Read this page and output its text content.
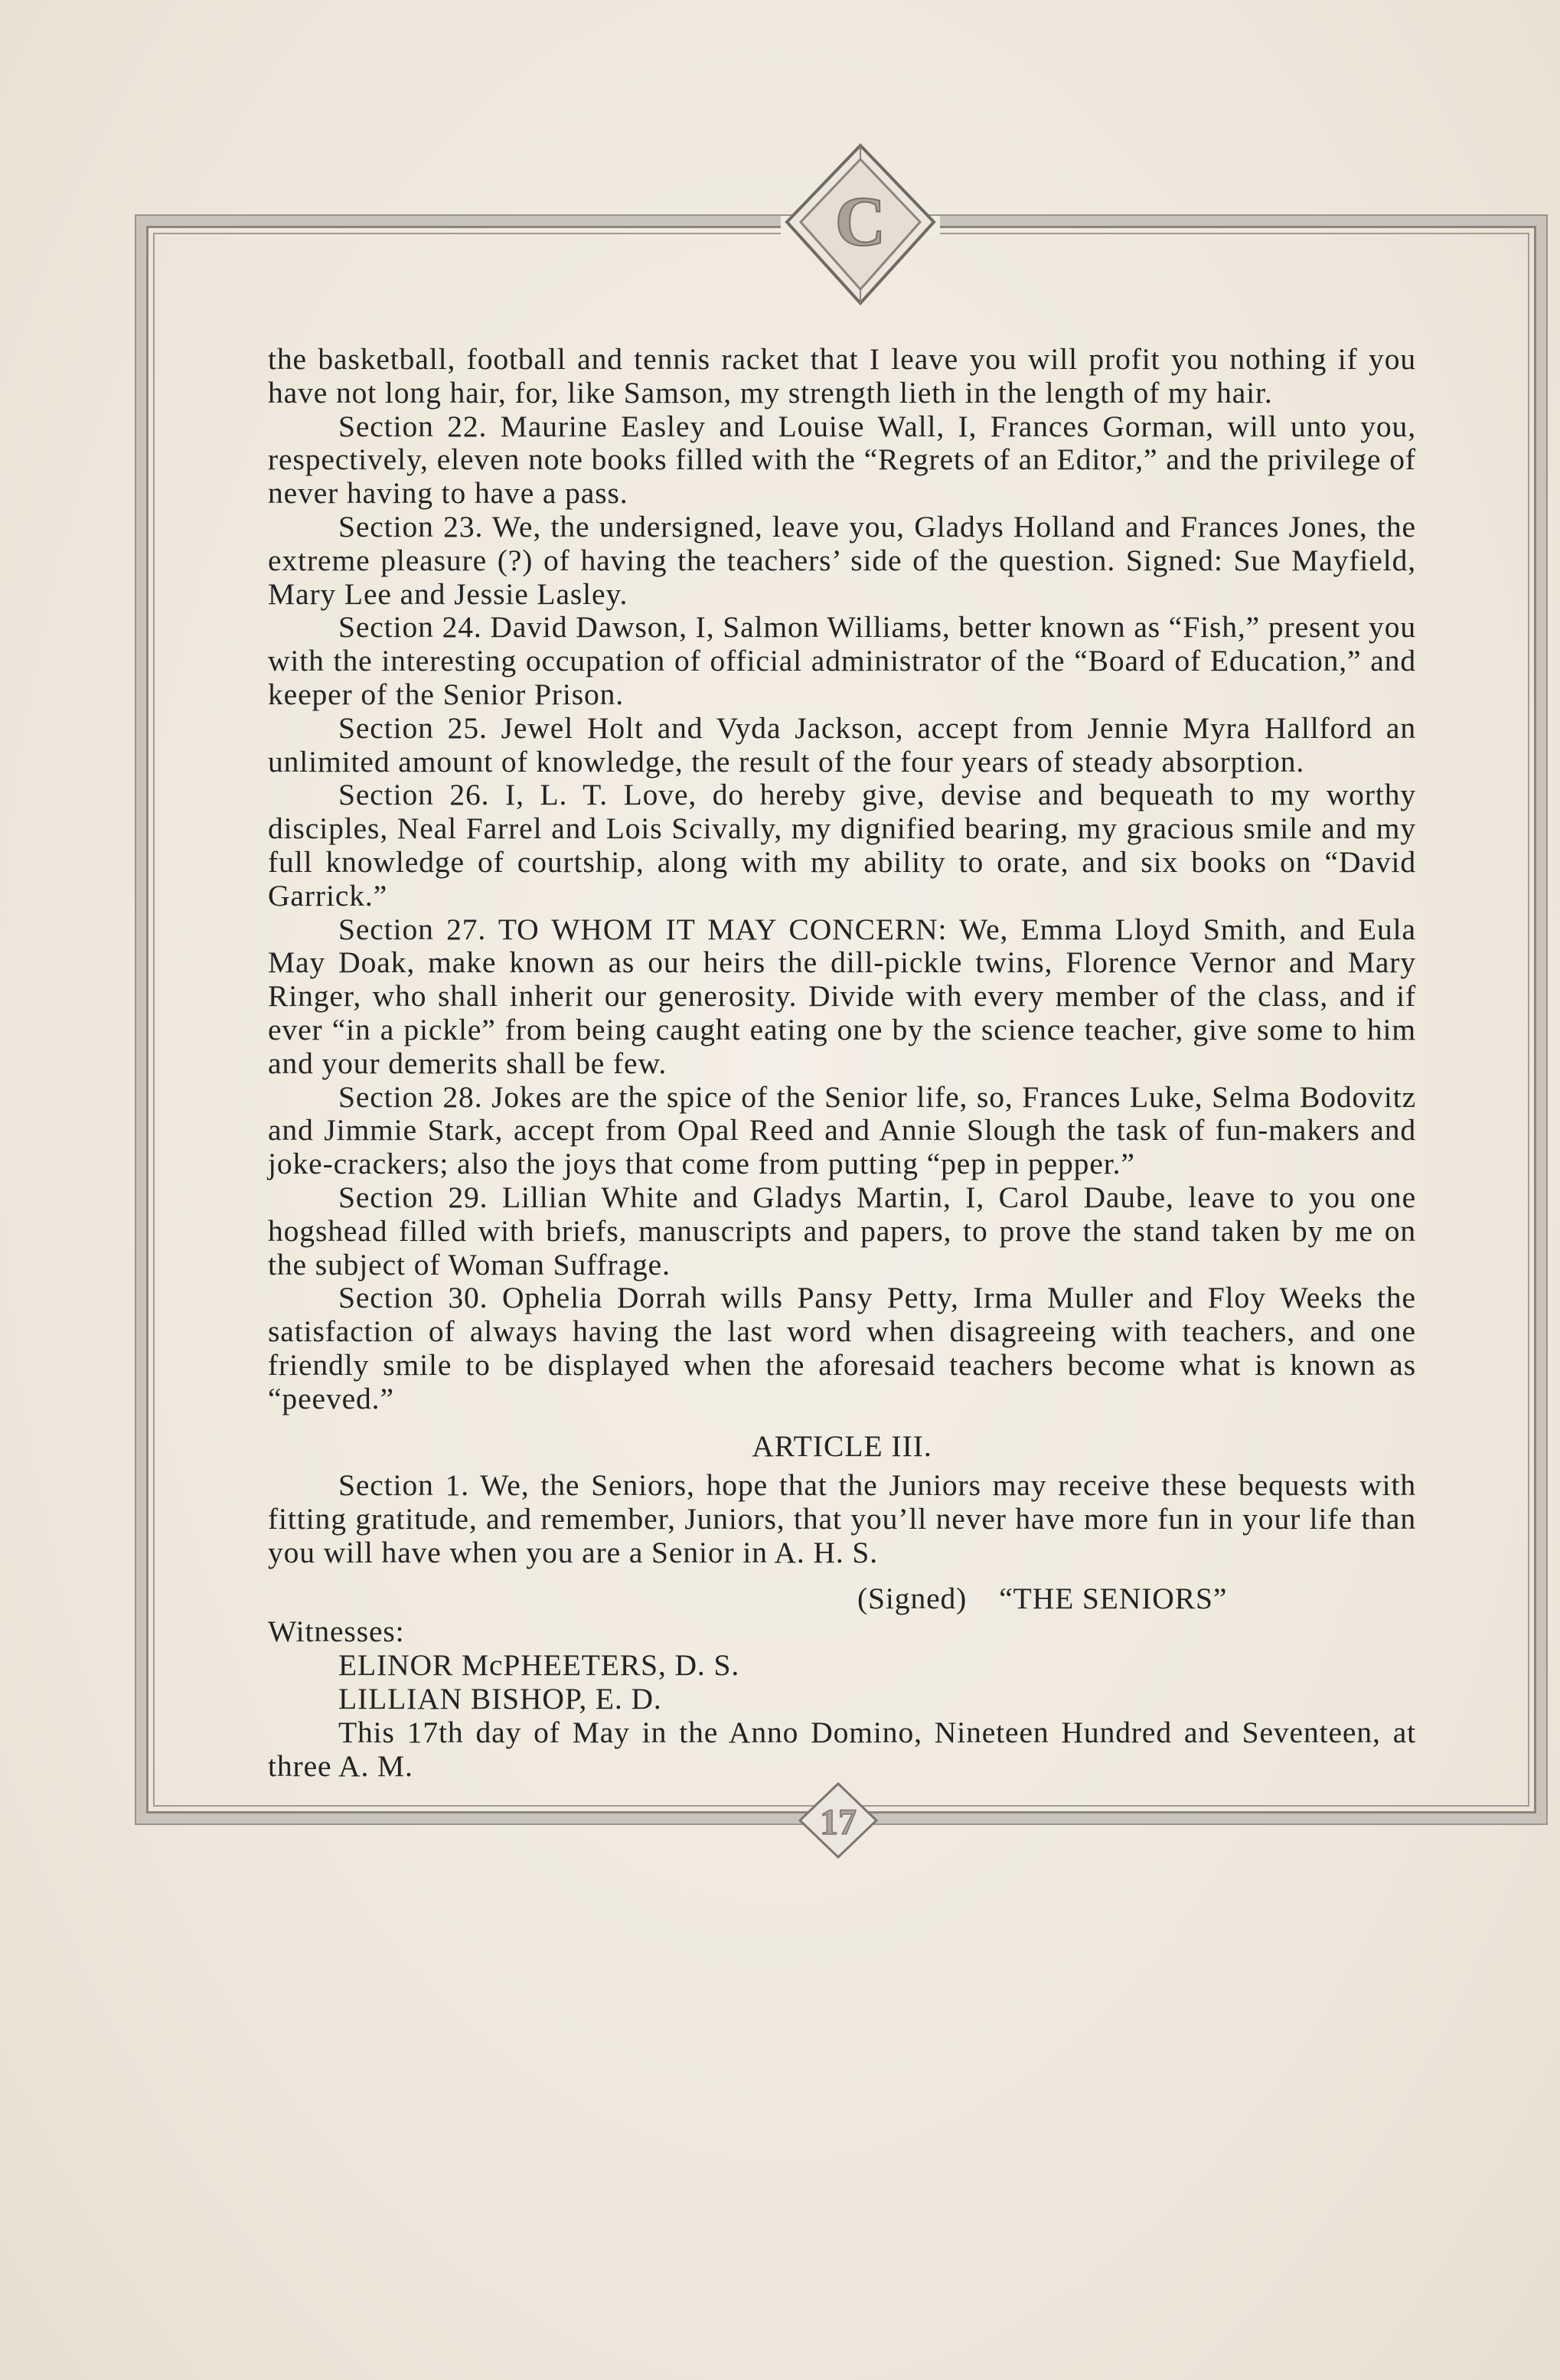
C
17

the basketball, football and tennis racket that I leave you will profit you nothing if you have not long hair, for, like Samson, my strength lieth in the length of my hair.

Section 22. Maurine Easley and Louise Wall, I, Frances Gorman, will unto you, respectively, eleven note books filled with the “Regrets of an Editor,” and the privilege of never having to have a pass.

Section 23. We, the undersigned, leave you, Gladys Holland and Frances Jones, the extreme pleasure (?) of having the teachers’ side of the question. Signed: Sue Mayfield, Mary Lee and Jessie Lasley.

Section 24. David Dawson, I, Salmon Williams, better known as “Fish,” present you with the interesting occupation of official administrator of the “Board of Education,” and keeper of the Senior Prison.

Section 25. Jewel Holt and Vyda Jackson, accept from Jennie Myra Hallford an unlimited amount of knowledge, the result of the four years of steady absorption.

Section 26. I, L. T. Love, do hereby give, devise and bequeath to my worthy disciples, Neal Farrel and Lois Scivally, my dignified bearing, my gracious smile and my full knowledge of courtship, along with my ability to orate, and six books on “David Garrick.”

Section 27. TO WHOM IT MAY CONCERN: We, Emma Lloyd Smith, and Eula May Doak, make known as our heirs the dill-pickle twins, Florence Vernor and Mary Ringer, who shall inherit our generosity. Divide with every member of the class, and if ever “in a pickle” from being caught eating one by the science teacher, give some to him and your demerits shall be few.

Section 28. Jokes are the spice of the Senior life, so, Frances Luke, Selma Bodovitz and Jimmie Stark, accept from Opal Reed and Annie Slough the task of fun-makers and joke-crackers; also the joys that come from putting “pep in pepper.”

Section 29. Lillian White and Gladys Martin, I, Carol Daube, leave to you one hogshead filled with briefs, manuscripts and papers, to prove the stand taken by me on the subject of Woman Suffrage.

Section 30. Ophelia Dorrah wills Pansy Petty, Irma Muller and Floy Weeks the satisfaction of always having the last word when disagreeing with teachers, and one friendly smile to be displayed when the aforesaid teachers become what is known as “peeved.”

ARTICLE III.

Section 1. We, the Seniors, hope that the Juniors may receive these bequests with fitting gratitude, and remember, Juniors, that you’ll never have more fun in your life than you will have when you are a Senior in A. H. S.

(Signed) “THE SENIORS”
Witnesses:
ELINOR McPHEETERS, D. S.
LILLIAN BISHOP, E. D.

This 17th day of May in the Anno Domino, Nineteen Hundred and Seventeen, at three A. M.
